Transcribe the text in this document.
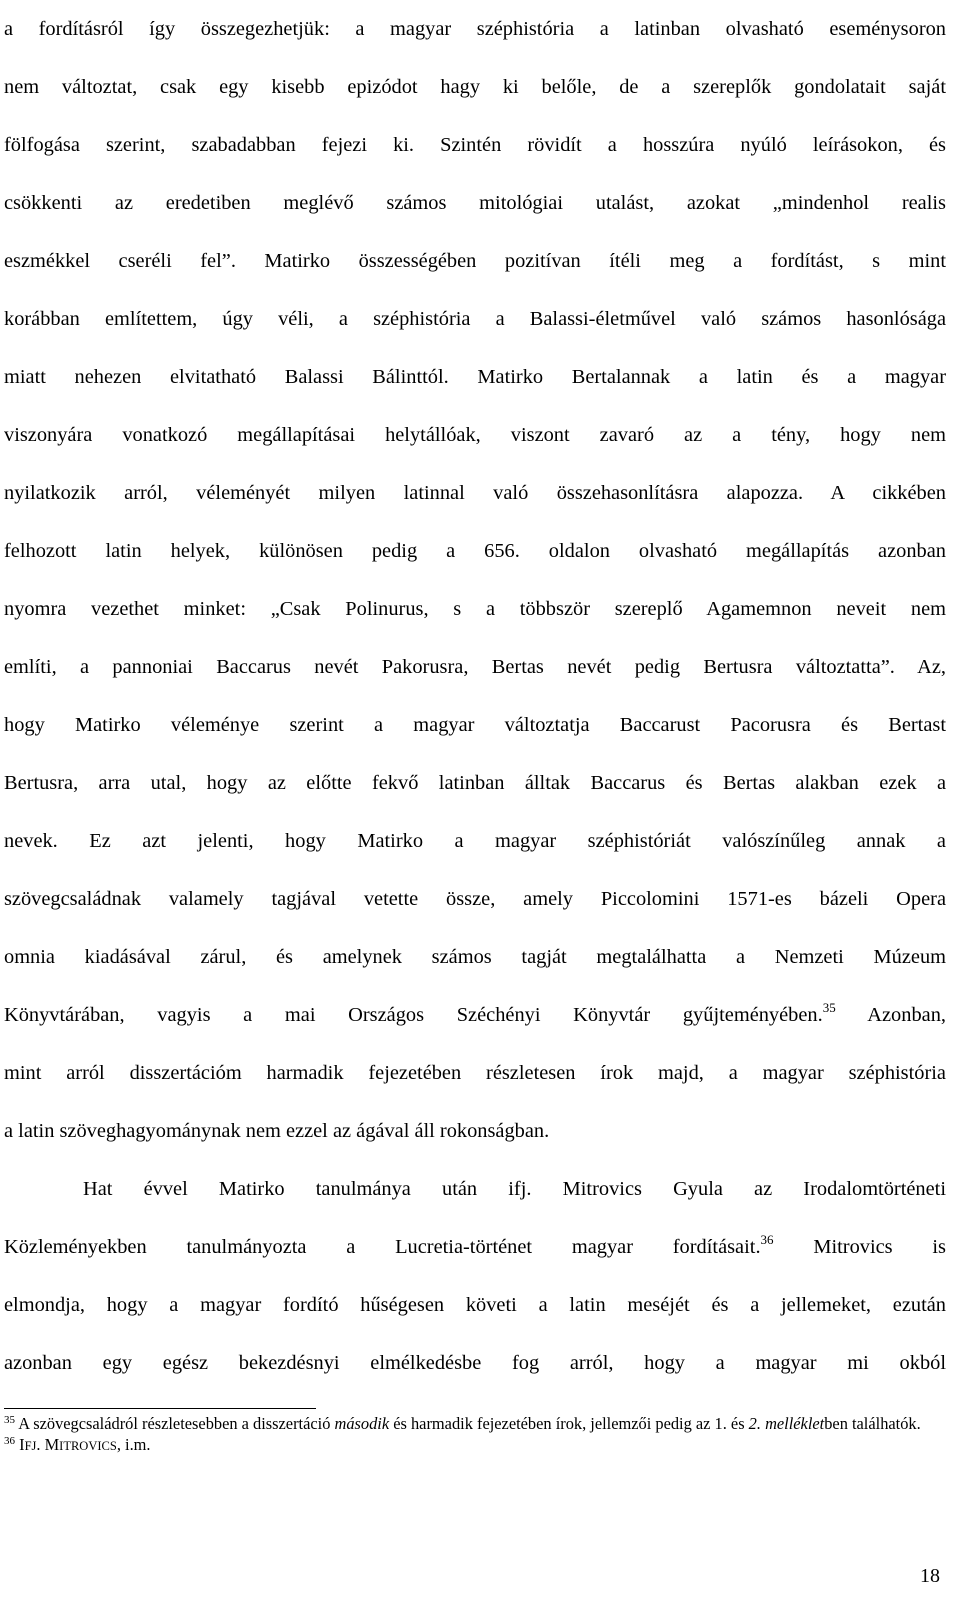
a fordításról így összegezhetjük: a magyar széphistória a latinban olvasható eseménysoron

nem változtat, csak egy kisebb epizódot hagy ki belőle, de a szereplők gondolatait saját

fölfogása szerint, szabadabban fejezi ki. Szintén rövidít a hosszúra nyúló leírásokon, és

csökkenti az eredetiben meglévő számos mitológiai utalást, azokat „mindenhol realis

eszmékkel cseréli fel”. Matirko összességében pozitívan ítéli meg a fordítást, s mint

korábban említettem, úgy véli, a széphistória a Balassi-életművel való számos hasonlósága

miatt nehezen elvitatható Balassi Bálinttól. Matirko Bertalannak a latin és a magyar

viszonyára vonatkozó megállapításai helytállóak, viszont zavaró az a tény, hogy nem

nyilatkozik arról, véleményét milyen latinnal való összehasonlításra alapozza. A cikkében

felhozott latin helyek, különösen pedig a 656. oldalon olvasható megállapítás azonban

nyomra vezethet minket: „Csak Polinurus, s a többször szereplő Agamemnon neveit nem

említi, a pannoniai Baccarus nevét Pakorusra, Bertas nevét pedig Bertusra változtatta”. Az,

hogy Matirko véleménye szerint a magyar változtatja Baccarust Pacorusra és Bertast

Bertusra, arra utal, hogy az előtte fekvő latinban álltak Baccarus és Bertas alakban ezek a

nevek. Ez azt jelenti, hogy Matirko a magyar széphistóriát valószínűleg annak a

szövegcsaládnak valamely tagjával vetette össze, amely Piccolomini 1571-es bázeli Opera

omnia kiadásával zárul, és amelynek számos tagját megtalálhatta a Nemzeti Múzeum

Könyvtárában, vagyis a mai Országos Széchényi Könyvtár gyűjteményében.$^{35}$ Azonban,

mint arról disszertációm harmadik fejezetében részletesen írok majd, a magyar széphistória

a latin szöveghagyománynak nem ezzel az ágával áll rokonságban.

Hat évvel Matirko tanulmánya után ifj. Mitrovics Gyula az Irodalomtörténeti

Közleményekben tanulmányozta a Lucretia-történet magyar fordításait.$^{36}$ Mitrovics is

elmondja, hogy a magyar fordító hűségesen követi a latin meséjét és a jellemeket, ezután

azonban egy egész bekezdésnyi elmélkedésbe fog arról, hogy a magyar mi okból

$^{35}$ A szövegcsaládról részletesebben a disszertáció második és harmadik fejezetében írok, jellemzői pedig az 1. és 2. mellékletben találhatók.

$^{36}$ IFJ. MITROVICS, i.m.

18
